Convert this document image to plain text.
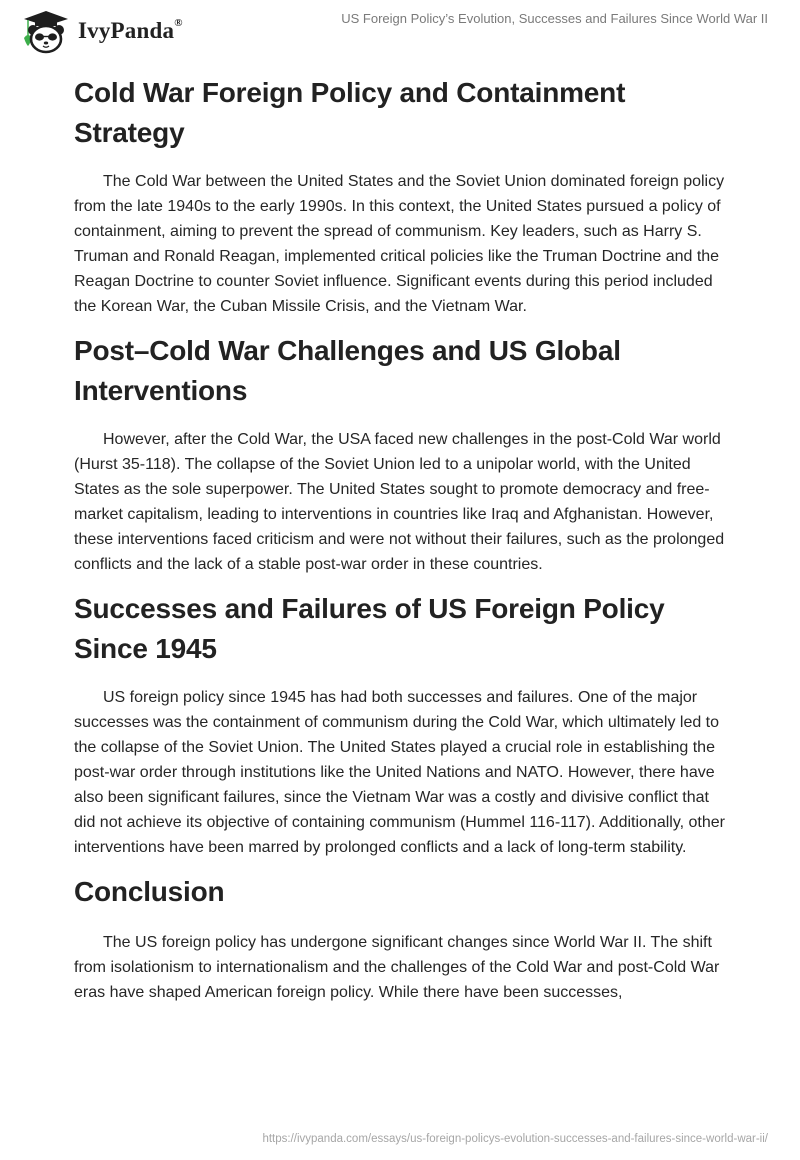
IvyPanda®	US Foreign Policy’s Evolution, Successes and Failures Since World War II
Cold War Foreign Policy and Containment Strategy

The Cold War between the United States and the Soviet Union dominated foreign policy from the late 1940s to the early 1990s. In this context, the United States pursued a policy of containment, aiming to prevent the spread of communism. Key leaders, such as Harry S. Truman and Ronald Reagan, implemented critical policies like the Truman Doctrine and the Reagan Doctrine to counter Soviet influence. Significant events during this period included the Korean War, the Cuban Missile Crisis, and the Vietnam War.

Post–Cold War Challenges and US Global Interventions

However, after the Cold War, the USA faced new challenges in the post-Cold War world (Hurst 35-118). The collapse of the Soviet Union led to a unipolar world, with the United States as the sole superpower. The United States sought to promote democracy and free-market capitalism, leading to interventions in countries like Iraq and Afghanistan. However, these interventions faced criticism and were not without their failures, such as the prolonged conflicts and the lack of a stable post-war order in these countries.

Successes and Failures of US Foreign Policy Since 1945

US foreign policy since 1945 has had both successes and failures. One of the major successes was the containment of communism during the Cold War, which ultimately led to the collapse of the Soviet Union. The United States played a crucial role in establishing the post-war order through institutions like the United Nations and NATO. However, there have also been significant failures, since the Vietnam War was a costly and divisive conflict that did not achieve its objective of containing communism (Hummel 116-117). Additionally, other interventions have been marred by prolonged conflicts and a lack of long-term stability.

Conclusion

The US foreign policy has undergone significant changes since World War II. The shift from isolationism to internationalism and the challenges of the Cold War and post-Cold War eras have shaped American foreign policy. While there have been successes,

https://ivypanda.com/essays/us-foreign-policys-evolution-successes-and-failures-since-world-war-ii/
